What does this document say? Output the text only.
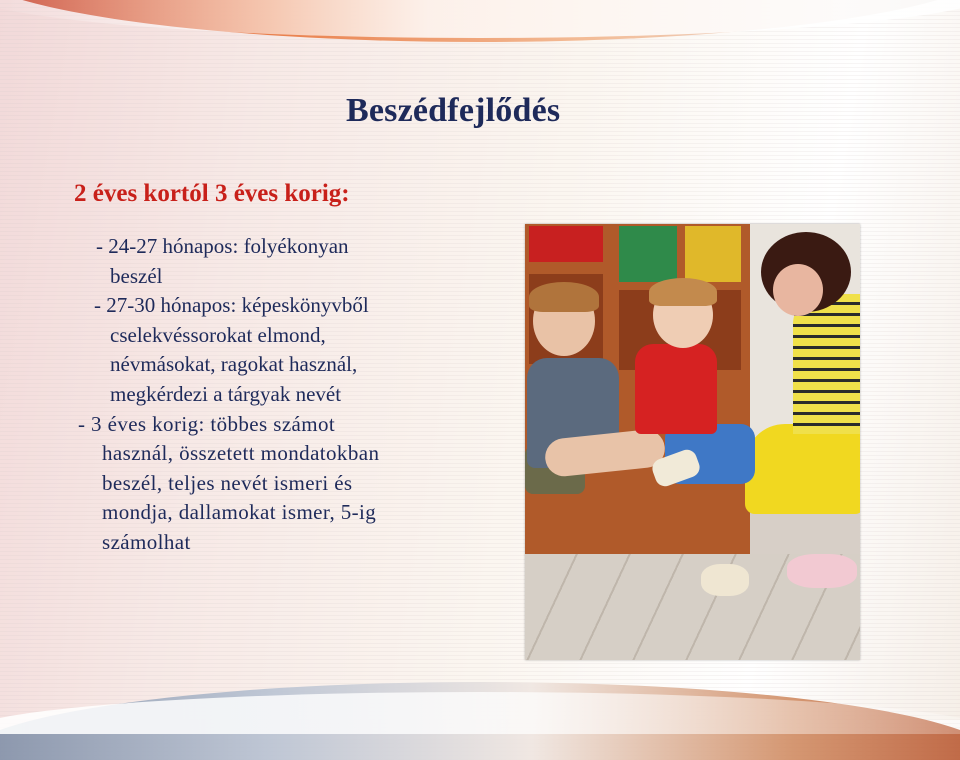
Beszédfejlődés
2 éves kortól 3 éves korig:
- 24-27 hónapos: folyékonyan
beszél
- 27-30 hónapos: képeskönyvből
cselekvéssorokat elmond,
névmásokat, ragokat használ,
megkérdezi a tárgyak nevét
- 3 éves korig: többes számot
használ, összetett mondatokban
beszél, teljes nevét ismeri és
mondja, dallamokat ismer, 5-ig
számolhat
